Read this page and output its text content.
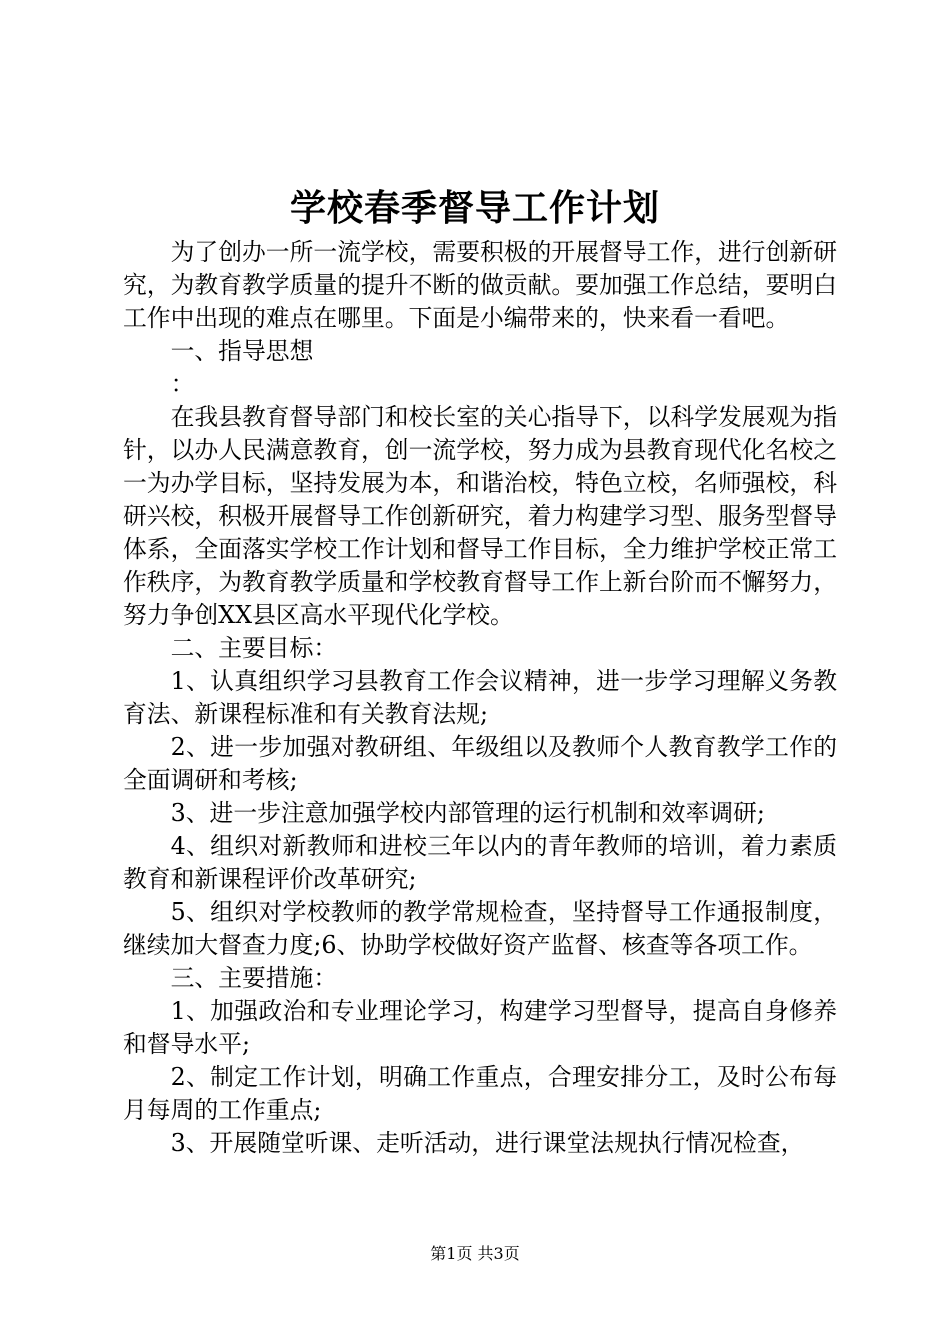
学校春季督导工作计划

为了创办一所一流学校，需要积极的开展督导工作，进行创新研究，为教育教学质量的提升不断的做贡献。要加强工作总结，要明白工作中出现的难点在哪里。下面是小编带来的，快来看一看吧。

一、指导思想

：

在我县教育督导部门和校长室的关心指导下，以科学发展观为指针，以办人民满意教育，创一流学校，努力成为县教育现代化名校之一为办学目标，坚持发展为本，和谐治校，特色立校，名师强校，科研兴校，积极开展督导工作创新研究，着力构建学习型、服务型督导体系，全面落实学校工作计划和督导工作目标，全力维护学校正常工作秩序，为教育教学质量和学校教育督导工作上新台阶而不懈努力，努力争创XX县区高水平现代化学校。

二、主要目标：

1、认真组织学习县教育工作会议精神，进一步学习理解义务教育法、新课程标准和有关教育法规;

2、进一步加强对教研组、年级组以及教师个人教育教学工作的全面调研和考核;

3、进一步注意加强学校内部管理的运行机制和效率调研;

4、组织对新教师和进校三年以内的青年教师的培训，着力素质教育和新课程评价改革研究;

5、组织对学校教师的教学常规检查，坚持督导工作通报制度，继续加大督查力度;6、协助学校做好资产监督、核查等各项工作。

三、主要措施：

1、加强政治和专业理论学习，构建学习型督导，提高自身修养和督导水平;

2、制定工作计划，明确工作重点，合理安排分工，及时公布每月每周的工作重点;

3、开展随堂听课、走听活动，进行课堂法规执行情况检查，

第1页 共3页
